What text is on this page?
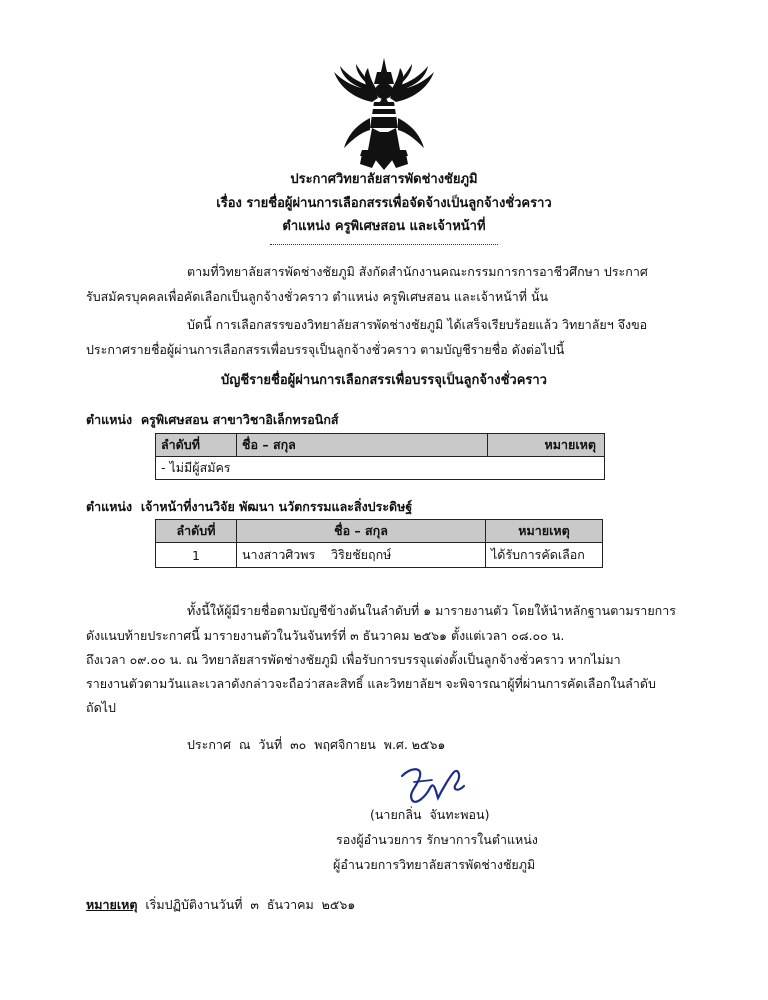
ประกาศวิทยาลัยสารพัดช่างชัยภูมิ
เรื่อง รายชื่อผู้ผ่านการเลือกสรรเพื่อจัดจ้างเป็นลูกจ้างชั่วคราว
ตำแหน่ง ครูพิเศษสอน และเจ้าหน้าที่
ตามที่วิทยาลัยสารพัดช่างชัยภูมิ สังกัดสำนักงานคณะกรรมการการอาชีวศึกษา ประกาศ
รับสมัครบุคคลเพื่อคัดเลือกเป็นลูกจ้างชั่วคราว ตำแหน่ง ครูพิเศษสอน และเจ้าหน้าที่ นั้น
บัดนี้ การเลือกสรรของวิทยาลัยสารพัดช่างชัยภูมิ ได้เสร็จเรียบร้อยแล้ว วิทยาลัยฯ จึงขอ
ประกาศรายชื่อผู้ผ่านการเลือกสรรเพื่อบรรจุเป็นลูกจ้างชั่วคราว ตามบัญชีรายชื่อ ดังต่อไปนี้
บัญชีรายชื่อผู้ผ่านการเลือกสรรเพื่อบรรจุเป็นลูกจ้างชั่วคราว
ตำแหน่ง ครูพิเศษสอน สาขาวิชาอิเล็กทรอนิกส์
ลำดับที่	ชื่อ – สกุล	หมายเหตุ
- ไม่มีผู้สมัคร
ตำแหน่ง เจ้าหน้าที่งานวิจัย พัฒนา นวัตกรรมและสิ่งประดิษฐ์
ลำดับที่	ชื่อ – สกุล	หมายเหตุ
1	นางสาวศิวพร    วิริยชัยฤกษ์	ได้รับการคัดเลือก
ทั้งนี้ให้ผู้มีรายชื่อตามบัญชีข้างต้นในลำดับที่ ๑ มารายงานตัว โดยให้นำหลักฐานตามรายการ
ดังแนบท้ายประกาศนี้ มารายงานตัวในวันจันทร์ที่ ๓ ธันวาคม ๒๕๖๑ ตั้งแต่เวลา ๐๘.๐๐ น.
ถึงเวลา ๐๙.๐๐ น. ณ วิทยาลัยสารพัดช่างชัยภูมิ เพื่อรับการบรรจุแต่งตั้งเป็นลูกจ้างชั่วคราว หากไม่มา
รายงานตัวตามวันและเวลาดังกล่าวจะถือว่าสละสิทธิ์ และวิทยาลัยฯ จะพิจารณาผู้ที่ผ่านการคัดเลือกในลำดับ
ถัดไป
ประกาศ  ณ  วันที่  ๓๐  พฤศจิกายน  พ.ศ. ๒๕๖๑
(นายกลิ่น  จันทะพอน)
รองผู้อำนวยการ รักษาการในตำแหน่ง
ผู้อำนวยการวิทยาลัยสารพัดช่างชัยภูมิ
หมายเหตุ เริ่มปฏิบัติงานวันที่  ๓  ธันวาคม  ๒๕๖๑
